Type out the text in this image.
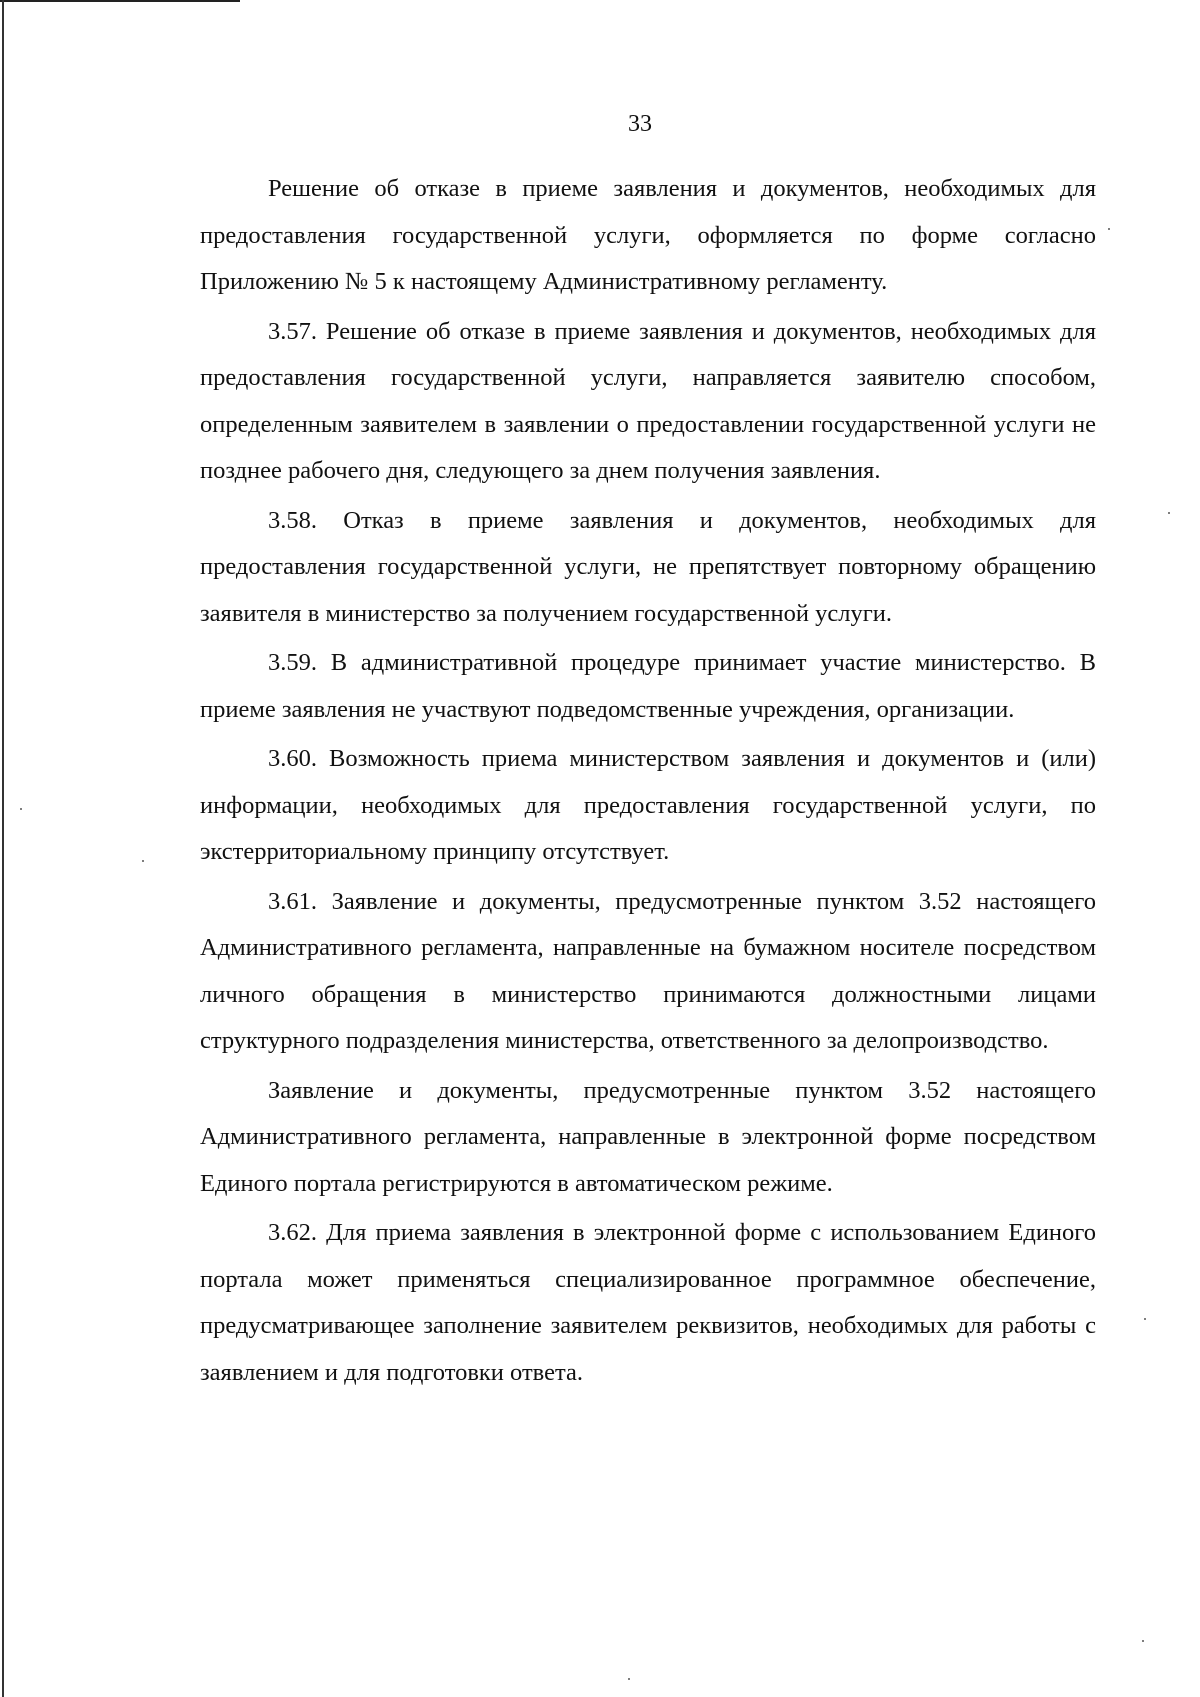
33

Решение об отказе в приеме заявления и документов, необходимых для предоставления государственной услуги, оформляется по форме согласно Приложению № 5 к настоящему Административному регламенту.

3.57. Решение об отказе в приеме заявления и документов, необходимых для предоставления государственной услуги, направляется заявителю способом, определенным заявителем в заявлении о предоставлении государственной услуги не позднее рабочего дня, следующего за днем получения заявления.

3.58. Отказ в приеме заявления и документов, необходимых для предоставления государственной услуги, не препятствует повторному обращению заявителя в министерство за получением государственной услуги.

3.59. В административной процедуре принимает участие министерство. В приеме заявления не участвуют подведомственные учреждения, организации.

3.60. Возможность приема министерством заявления и документов и (или) информации, необходимых для предоставления государственной услуги, по экстерриториальному принципу отсутствует.

3.61. Заявление и документы, предусмотренные пунктом 3.52 настоящего Административного регламента, направленные на бумажном носителе посредством личного обращения в министерство принимаются должностными лицами структурного подразделения министерства, ответственного за делопроизводство.

Заявление и документы, предусмотренные пунктом 3.52 настоящего Административного регламента, направленные в электронной форме посредством Единого портала регистрируются в автоматическом режиме.

3.62. Для приема заявления в электронной форме с использованием Единого портала может применяться специализированное программное обеспечение, предусматривающее заполнение заявителем реквизитов, необходимых для работы с заявлением и для подготовки ответа.
